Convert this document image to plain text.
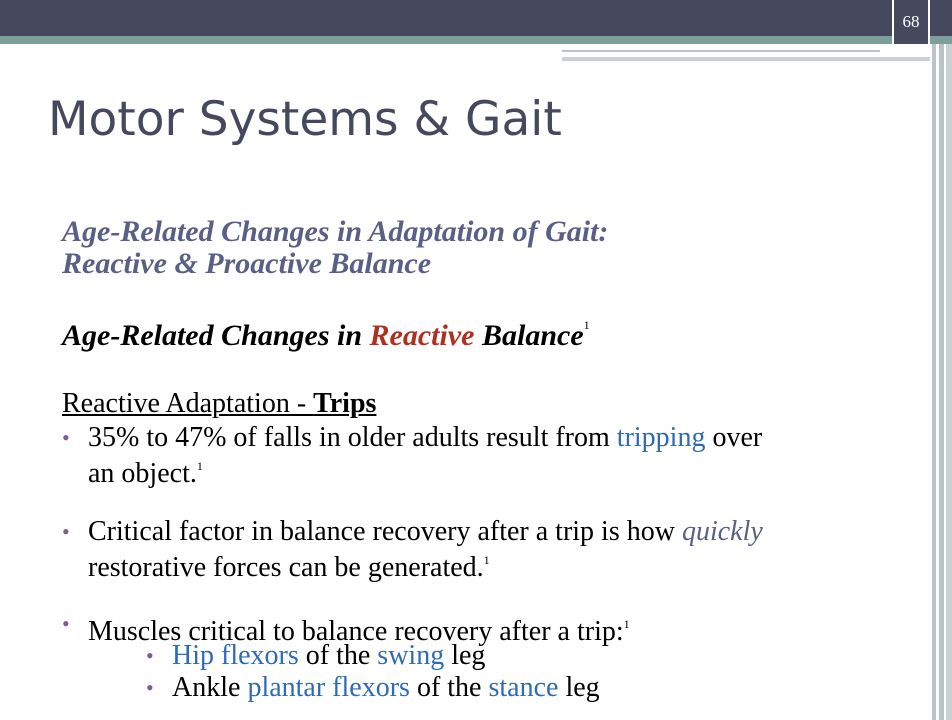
68
Motor Systems & Gait
Age-Related Changes in Adaptation of Gait:
Reactive & Proactive Balance
Age-Related Changes in Reactive Balance$^1$
Reactive Adaptation - Trips
• 35% to 47% of falls in older adults result from tripping over
an object.$^1$
• Critical factor in balance recovery after a trip is how quickly
restorative forces can be generated.$^1$
• Muscles critical to balance recovery after a trip:$^1$
• Hip flexors of the swing leg
• Ankle plantar flexors of the stance leg
